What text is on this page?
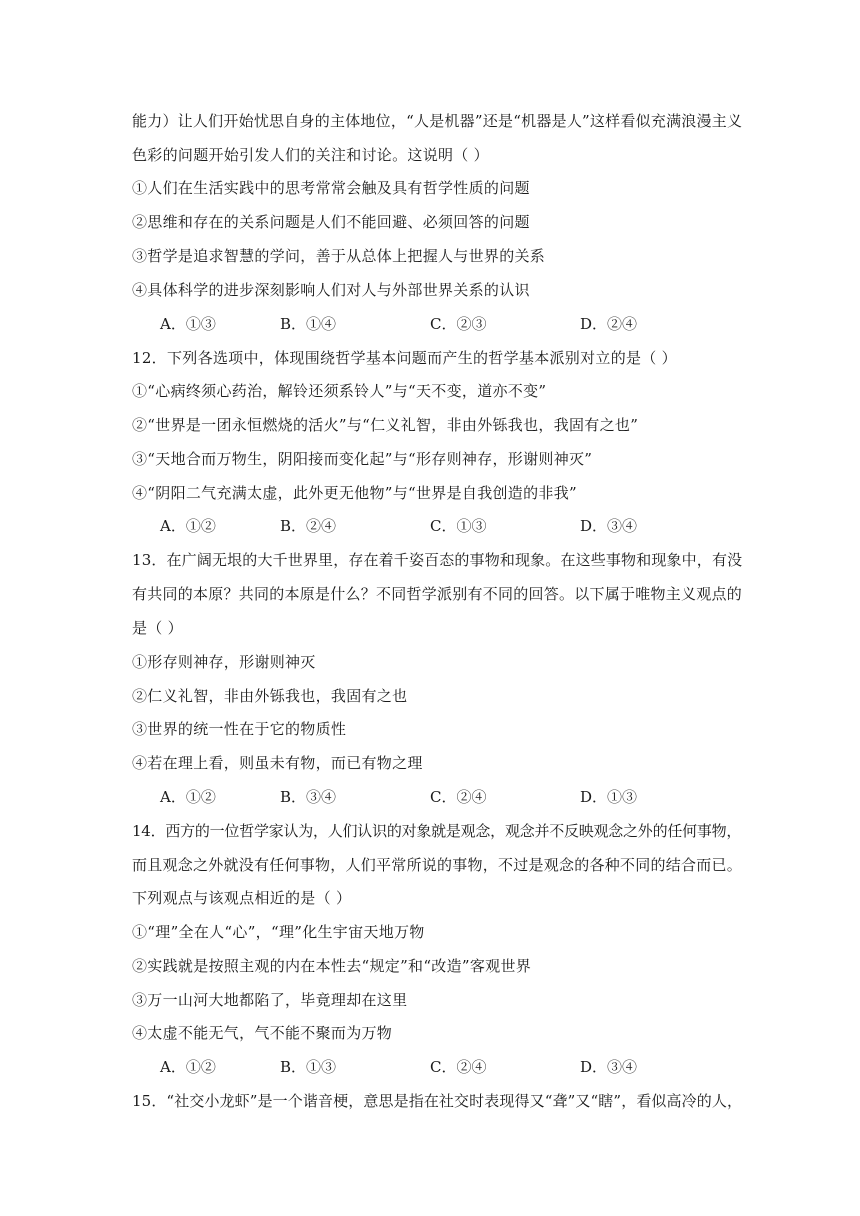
能力）让人们开始忧思自身的主体地位，“人是机器”还是“机器是人”这样看似充满浪漫主义
色彩的问题开始引发人们的关注和讨论。这说明（ ）
①人们在生活实践中的思考常常会触及具有哲学性质的问题
②思维和存在的关系问题是人们不能回避、必须回答的问题
③哲学是追求智慧的学问，善于从总体上把握人与世界的关系
④具体科学的进步深刻影响人们对人与外部世界关系的认识
A．①③	B．①④	C．②③	D．②④
12．下列各选项中，体现围绕哲学基本问题而产生的哲学基本派别对立的是（ ）
①“心病终须心药治，解铃还须系铃人”与“天不变，道亦不变”
②“世界是一团永恒燃烧的活火”与“仁义礼智，非由外铄我也，我固有之也”
③“天地合而万物生，阴阳接而变化起”与“形存则神存，形谢则神灭”
④“阴阳二气充满太虚，此外更无他物”与“世界是自我创造的非我”
A．①②	B．②④	C．①③	D．③④
13．在广阔无垠的大千世界里，存在着千姿百态的事物和现象。在这些事物和现象中，有没
有共同的本原？共同的本原是什么？不同哲学派别有不同的回答。以下属于唯物主义观点的
是（ ）
①形存则神存，形谢则神灭
②仁义礼智，非由外铄我也，我固有之也
③世界的统一性在于它的物质性
④若在理上看，则虽未有物，而已有物之理
A．①②	B．③④	C．②④	D．①③
14．西方的一位哲学家认为，人们认识的对象就是观念，观念并不反映观念之外的任何事物，
而且观念之外就没有任何事物，人们平常所说的事物，不过是观念的各种不同的结合而已。
下列观点与该观点相近的是（ ）
①“理”全在人“心”，“理”化生宇宙天地万物
②实践就是按照主观的内在本性去“规定”和“改造”客观世界
③万一山河大地都陷了，毕竟理却在这里
④太虚不能无气，气不能不聚而为万物
A．①②	B．①③	C．②④	D．③④
15．“社交小龙虾”是一个谐音梗，意思是指在社交时表现得又“聋”又“瞎”，看似高冷的人，
